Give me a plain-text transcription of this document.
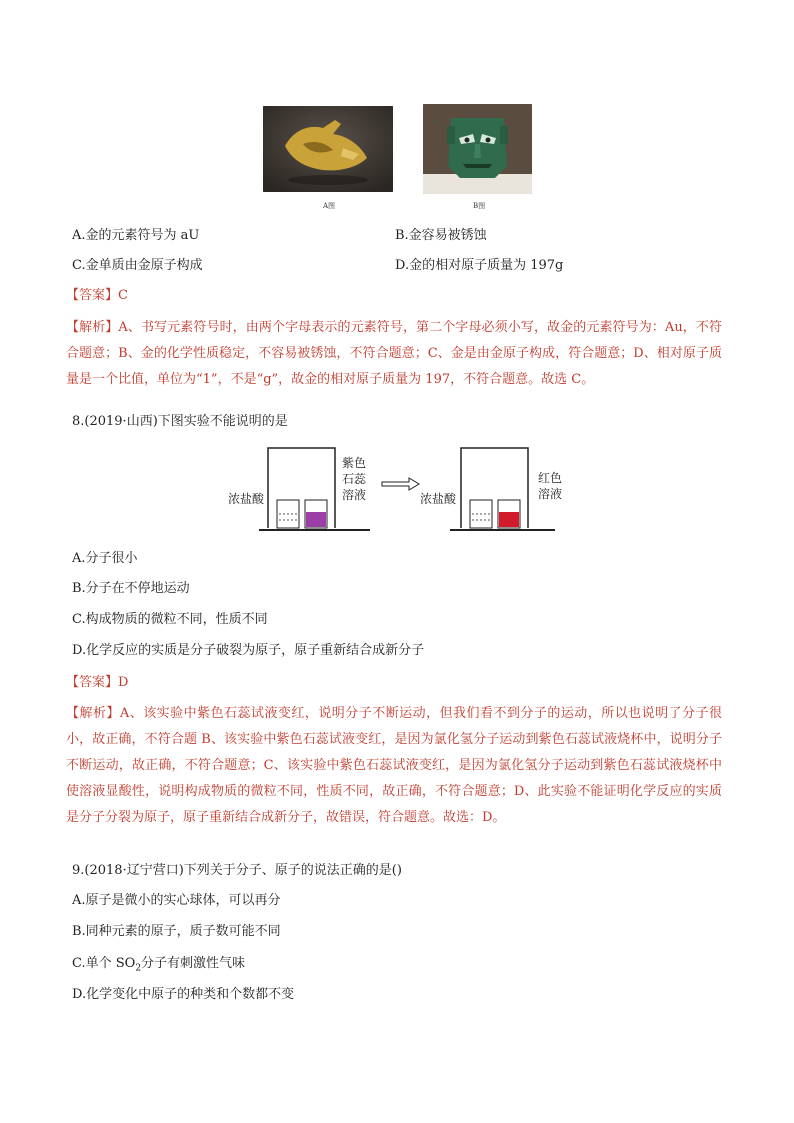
A图	B图
A.金的元素符号为 aU	B.金容易被锈蚀
C.金单质由金原子构成	D.金的相对原子质量为 197g
【答案】C
【解析】A、书写元素符号时，由两个字母表示的元素符号，第二个字母必须小写，故金的元素符号为：Au，不符合题意；B、金的化学性质稳定，不容易被锈蚀，不符合题意；C、金是由金原子构成，符合题意；D、相对原子质量是一个比值，单位为“1”，不是“g”，故金的相对原子质量为 197，不符合题意。故选 C。
8.(2019·山西)下图实验不能说明的是
浓盐酸
紫色
石蕊
溶液	浓盐酸
红色
溶液
A.分子很小
B.分子在不停地运动
C.构成物质的微粒不同，性质不同
D.化学反应的实质是分子破裂为原子，原子重新结合成新分子
【答案】D
【解析】A、该实验中紫色石蕊试液变红，说明分子不断运动，但我们看不到分子的运动，所以也说明了分子很小，故正确，不符合题 B、该实验中紫色石蕊试液变红，是因为氯化氢分子运动到紫色石蕊试液烧杯中，说明分子不断运动，故正确，不符合题意；C、该实验中紫色石蕊试液变红，是因为氯化氢分子运动到紫色石蕊试液烧杯中使溶液显酸性，说明构成物质的微粒不同，性质不同，故正确，不符合题意；D、此实验不能证明化学反应的实质是分子分裂为原子，原子重新结合成新分子，故错误，符合题意。故选：D。
9.(2018·辽宁营口)下列关于分子、原子的说法正确的是()
A.原子是微小的实心球体，可以再分
B.同种元素的原子，质子数可能不同
C.单个 $SO_2$分子有刺激性气味
D.化学变化中原子的种类和个数都不变
